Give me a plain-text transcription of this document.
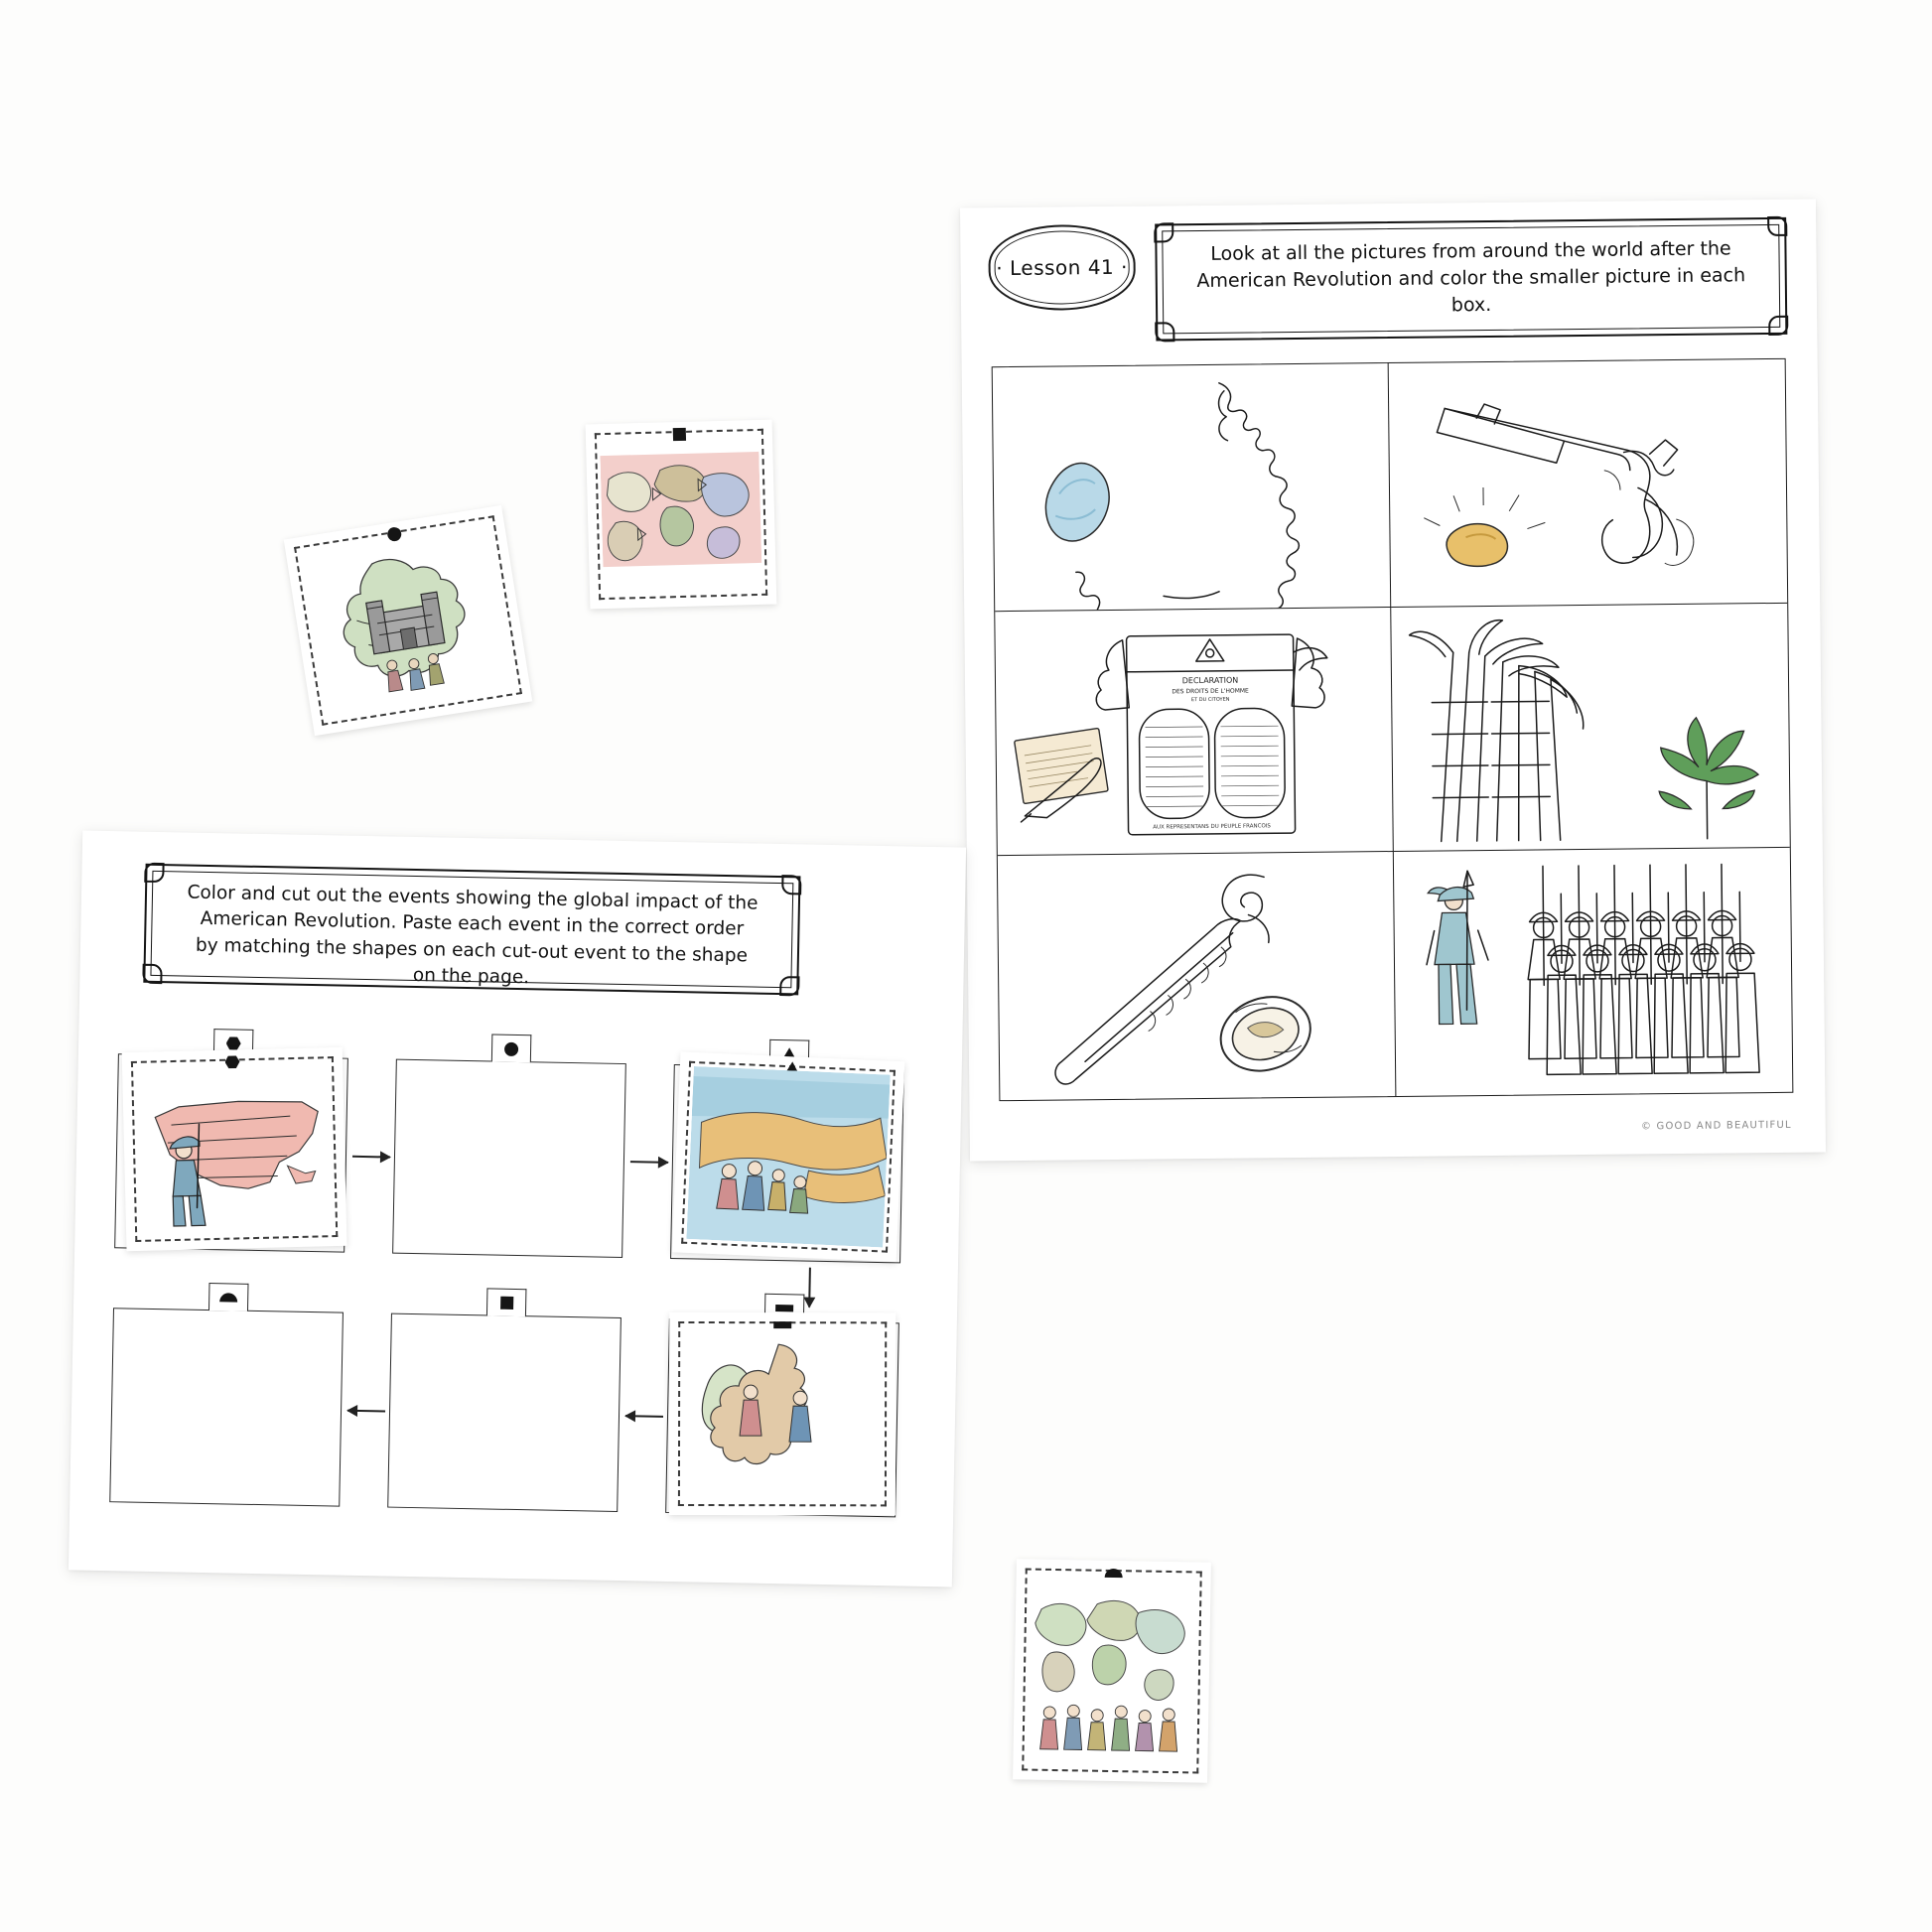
· Lesson 41 ·
Look at all the pictures from around the world after the American Revolution and color the smaller picture in each box.
DECLARATION
DES DROITS DE L'HOMME
ET DU CITOYEN
AUX REPRESENTANS DU PEUPLE FRANCOIS
© GOOD AND BEAUTIFUL
Color and cut out the events showing the global impact of the American Revolution. Paste each event in the correct order by matching the shapes on each cut-out event to the shape on the page.
